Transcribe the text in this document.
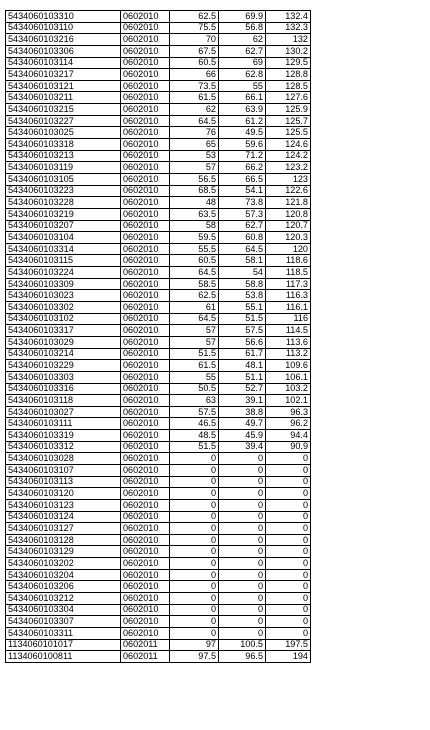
5434060103310	0602010	62.5	69.9	132.4	
5434060103110	0602010	75.5	56.8	132.3	
5434060103216	0602010	70	62	132	
5434060103306	0602010	67.5	62.7	130.2	
5434060103114	0602010	60.5	69	129.5	
5434060103217	0602010	66	62.8	128.8	
5434060103121	0602010	73.5	55	128.5	
5434060103211	0602010	61.5	66.1	127.6	
5434060103215	0602010	62	63.9	125.9	
5434060103227	0602010	64.5	61.2	125.7	
5434060103025	0602010	76	49.5	125.5	
5434060103318	0602010	65	59.6	124.6	
5434060103213	0602010	53	71.2	124.2	
5434060103119	0602010	57	66.2	123.2	
5434060103105	0602010	56.5	66.5	123	
5434060103223	0602010	68.5	54.1	122.6	
5434060103228	0602010	48	73.8	121.8	
5434060103219	0602010	63.5	57.3	120.8	
5434060103207	0602010	58	62.7	120.7	
5434060103104	0602010	59.5	60.8	120.3	
5434060103314	0602010	55.5	64.5	120	
5434060103115	0602010	60.5	58.1	118.6	
5434060103224	0602010	64.5	54	118.5	
5434060103309	0602010	58.5	58.8	117.3	
5434060103023	0602010	62.5	53.8	116.3	
5434060103302	0602010	61	55.1	116.1	
5434060103102	0602010	64.5	51.5	116	
5434060103317	0602010	57	57.5	114.5	
5434060103029	0602010	57	56.6	113.6	
5434060103214	0602010	51.5	61.7	113.2	
5434060103229	0602010	61.5	48.1	109.6	
5434060103303	0602010	55	51.1	106.1	
5434060103316	0602010	50.5	52.7	103.2	
5434060103118	0602010	63	39.1	102.1	
5434060103027	0602010	57.5	38.8	96.3	
5434060103111	0602010	46.5	49.7	96.2	
5434060103319	0602010	48.5	45.9	94.4	
5434060103312	0602010	51.5	39.4	90.9	
5434060103028	0602010	0	0	0	
5434060103107	0602010	0	0	0	
5434060103113	0602010	0	0	0	
5434060103120	0602010	0	0	0	
5434060103123	0602010	0	0	0	
5434060103124	0602010	0	0	0	
5434060103127	0602010	0	0	0	
5434060103128	0602010	0	0	0	
5434060103129	0602010	0	0	0	
5434060103202	0602010	0	0	0	
5434060103204	0602010	0	0	0	
5434060103206	0602010	0	0	0	
5434060103212	0602010	0	0	0	
5434060103304	0602010	0	0	0	
5434060103307	0602010	0	0	0	
5434060103311	0602010	0	0	0	
1134060101017	0602011	97	100.5	197.5	
1134060100811	0602011	97.5	96.5	194	
